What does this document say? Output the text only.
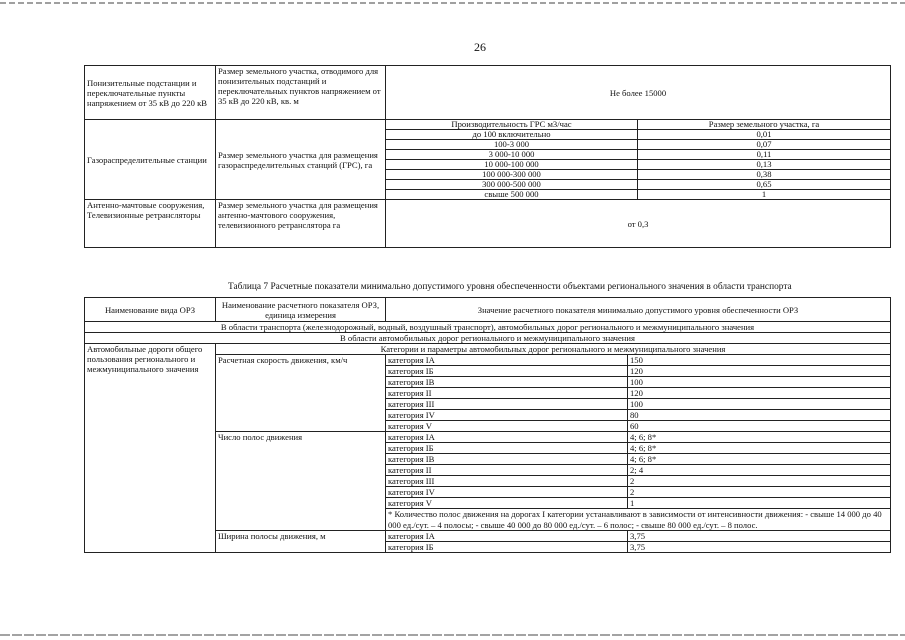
26
Понизительные подстанции и переключательные пункты напряжением от 35 кВ до 220 кВ	Размер земельного участка, отводимого для понизительных подстанций и переключательных пунктов напряжением от 35 кВ до 220 кВ, кв. м	Не более 15000
Газораспределительные станции	Размер земельного участка для размещения газораспределительных станций (ГРС), га	
Производительность ГРС м3/час	Размер земельного участка, га
до 100 включительно	0,01
100-3 000	0,07
3 000-10 000	0,11
10 000-100 000	0,13
100 000-300 000	0,38
300 000-500 000	0,65
свыше 500 000	1

Антенно-мачтовые сооружения, Телевизионные ретрансляторы	Размер земельного участка для размещения антенно-мачтового сооружения, телевизионного ретранслятора га	от 0,3
Таблица 7 Расчетные показатели минимально допустимого уровня обеспеченности объектами регионального значения в области транспорта
Наименование вида ОРЗ	Наименование расчетного показателя ОРЗ, единица измерения	Значение расчетного показателя минимально допустимого уровня обеспеченности ОРЗ	
В области транспорта (железнодорожный, водный, воздушный транспорт), автомобильных дорог регионального и межмуниципального значения			
В области автомобильных дорог регионального и межмуниципального значения			
Автомобильные дороги общего пользования регионального и межмуниципального значения	Категории и параметры автомобильных дорог регионального и межмуниципального значения		
	Расчетная скорость движения, км/ч	категория IА	150
		категория IБ	120
		категория IВ	100
		категория II	120
		категория III	100
		категория IV	80
		категория V	60
	Число полос движения	категория IА	4; 6; 8*
		категория IБ	4; 6; 8*
		категория IВ	4; 6; 8*
		категория II	2; 4
		категория III	2
		категория IV	2
		категория V	1
		* Количество полос движения на дорогах I категории устанавливают в зависимости от интенсивности движения: - свыше 14 000 до 40 000 ед./сут. – 4 полосы; - свыше 40 000 до 80 000 ед./сут. – 6 полос; - свыше 80 000 ед./сут. – 8 полос.	
	Ширина полосы движения, м	категория IА	3,75
		категория IБ	3,75
